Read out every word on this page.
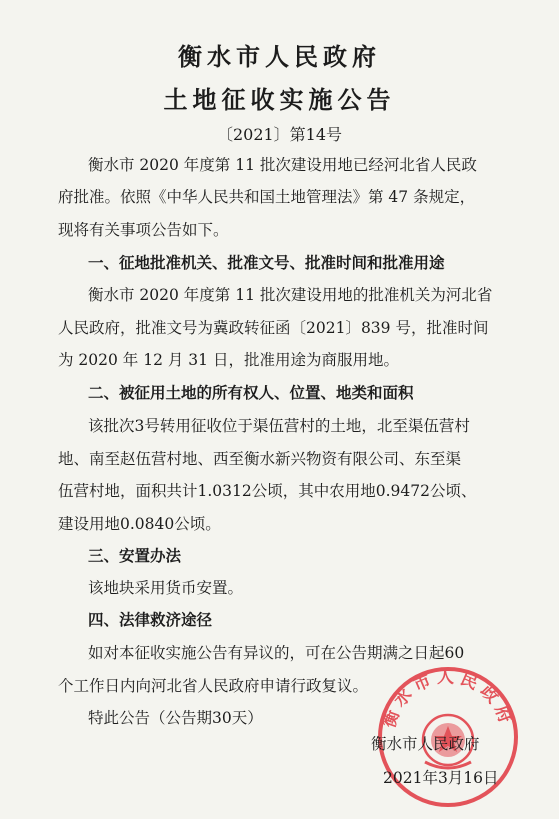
衡水市人民政府
土地征收实施公告
〔2021〕第14号
衡水市 2020 年度第 11 批次建设用地已经河北省人民政
府批准。依照《中华人民共和国土地管理法》第 47 条规定，
现将有关事项公告如下。
一、征地批准机关、批准文号、批准时间和批准用途
衡水市 2020 年度第 11 批次建设用地的批准机关为河北省
人民政府，批准文号为冀政转征函〔2021〕839 号，批准时间
为 2020 年 12 月 31 日，批准用途为商服用地。
二、被征用土地的所有权人、位置、地类和面积
该批次3号转用征收位于渠伍营村的土地，北至渠伍营村
地、南至赵伍营村地、西至衡水新兴物资有限公司、东至渠
伍营村地，面积共计1.0312公顷，其中农用地0.9472公顷、
建设用地0.0840公顷。
三、安置办法
该地块采用货币安置。
四、法律救济途径
如对本征收实施公告有异议的，可在公告期满之日起60
个工作日内向河北省人民政府申请行政复议。
特此公告（公告期30天）	衡水市人民政府
衡水市人民政府
2021年3月16日
